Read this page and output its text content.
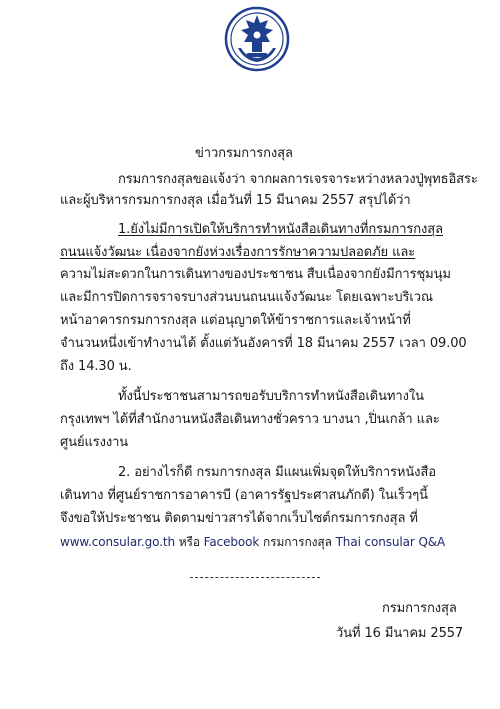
ข่าวกรมการกงสุล
กรมการกงสุลขอแจ้งว่า จากผลการเจรจาระหว่างหลวงปู่พุทธอิสระ
และผู้บริหารกรมการกงสุล เมื่อวันที่ 15 มีนาคม 2557 สรุปได้ว่า
1.ยังไม่มีการเปิดให้บริการทำหนังสือเดินทางที่กรมการกงสุล
ถนนแจ้งวัฒนะ เนื่องจากยังห่วงเรื่องการรักษาความปลอดภัย และ
ความไม่สะดวกในการเดินทางของประชาชน สืบเนื่องจากยังมีการชุมนุม
และมีการปิดการจราจรบางส่วนบนถนนแจ้งวัฒนะ โดยเฉพาะบริเวณ
หน้าอาคารกรมการกงสุล แต่อนุญาตให้ข้าราชการและเจ้าหน้าที่
จำนวนหนึ่งเข้าทำงานได้ ตั้งแต่วันอังคารที่ 18 มีนาคม 2557 เวลา 09.00
ถึง 14.30 น.
ทั้งนี้ประชาชนสามารถขอรับบริการทำหนังสือเดินทางใน
กรุงเทพฯ ได้ที่สำนักงานหนังสือเดินทางชั่วคราว บางนา ,ปิ่นเกล้า และ
ศูนย์แรงงาน
2. อย่างไรก็ดี กรมการกงสุล มีแผนเพิ่มจุดให้บริการหนังสือ
เดินทาง ที่ศูนย์ราชการอาคารบี (อาคารรัฐประศาสนภักดี) ในเร็วๆนี้
จึงขอให้ประชาชน ติดตามข่าวสารได้จากเว็บไซต์กรมการกงสุล ที่
www.consular.go.th หรือ Facebook กรมการกงสุล Thai consular Q&A
กรมการกงสุล
วันที่ 16 มีนาคม 2557
